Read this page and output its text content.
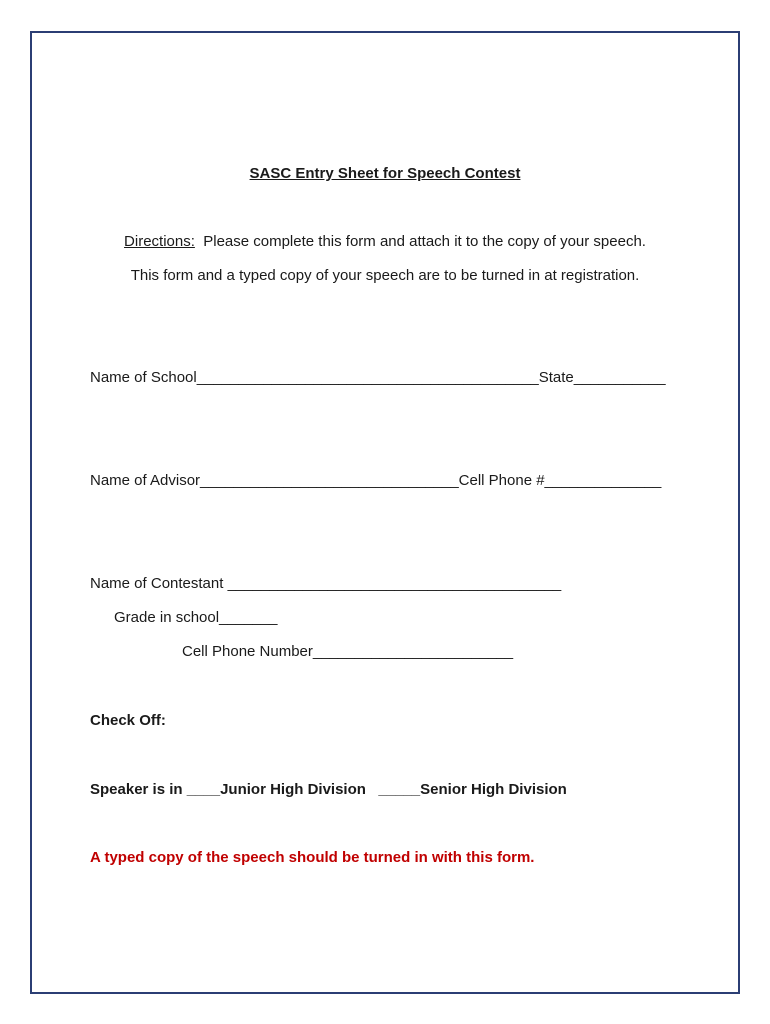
SASC Entry Sheet for Speech Contest
Directions:  Please complete this form and attach it to the copy of your speech.
This form and a typed copy of your speech are to be turned in at registration.
Name of School_________________________________________State___________
Name of Advisor_______________________________Cell Phone #______________
Name of Contestant ________________________________________
Grade in school_______
Cell Phone Number________________________
Check Off:
Speaker is in ____Junior High Division   _____Senior High Division
A typed copy of the speech should be turned in with this form.
